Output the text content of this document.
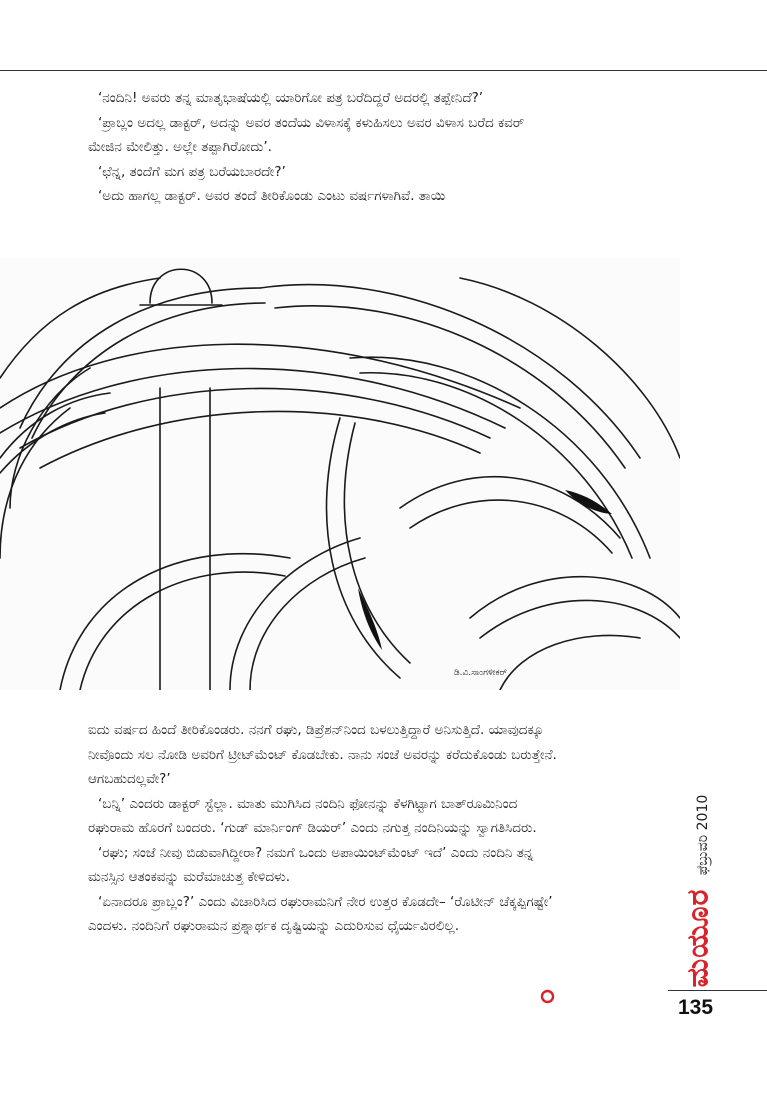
‘ನಂದಿನಿ! ಅವರು ತನ್ನ ಮಾತೃಭಾಷೆಯಲ್ಲಿ ಯಾರಿಗೋ ಪತ್ರ ಬರೆದಿದ್ದರೆ ಅದರಲ್ಲಿ ತಪ್ಪೇನಿದೆ?’
‘ಪ್ರಾಬ್ಲಂ ಅದಲ್ಲ ಡಾಕ್ಟರ್, ಅದನ್ನು ಅವರ ತಂದೆಯ ವಿಳಾಸಕ್ಕೆ ಕಳುಹಿಸಲು ಅವರ ವಿಳಾಸ ಬರೆದ ಕವರ್ ಮೇಜಿನ ಮೇಲಿತ್ತು. ಅಲ್ಲೇ ತಪ್ಪಾಗಿರೋದು’.
‘ಛೆನ್ನ, ತಂದೆಗೆ ಮಗ ಪತ್ರ ಬರೆಯಬಾರದೇ?’
‘ಅದು ಹಾಗಲ್ಲ ಡಾಕ್ಟರ್. ಅವರ ತಂದೆ ತೀರಿಕೊಂಡು ಎಂಟು ವರ್ಷಗಳಾಗಿವೆ. ತಾಯಿ
ಡಿ.ವಿ.ಸಾಂಗಳೀಕರ್
ಐದು ವರ್ಷದ ಹಿಂದೆ ತೀರಿಕೊಂಡರು. ನನಗೆ ರಘು, ಡಿಪ್ರೆಶನ್‌ನಿಂದ ಬಳಲುತ್ತಿದ್ದಾರೆ ಅನಿಸುತ್ತಿದೆ. ಯಾವುದಕ್ಕೂ ನೀವೊಂದು ಸಲ ನೋಡಿ ಅವರಿಗೆ ಟ್ರೀಟ್‌ಮೆಂಟ್ ಕೊಡಬೇಕು. ನಾನು ಸಂಜೆ ಅವರನ್ನು ಕರೆದುಕೊಂಡು ಬರುತ್ತೇನೆ. ಆಗಬಹುದಲ್ಲವೇ?’
‘ಬನ್ನಿ’ ಎಂದರು ಡಾಕ್ಟರ್ ಸ್ಟೆಲ್ಲಾ. ಮಾತು ಮುಗಿಸಿದ ನಂದಿನಿ ಫೋನನ್ನು ಕೆಳಗಿಟ್ಟಾಗ ಬಾತ್‌ರೂಮಿನಿಂದ ರಘುರಾಮ ಹೊರಗೆ ಬಂದರು. ‘ಗುಡ್ ಮಾರ್ನಿಂಗ್ ಡಿಯರ್’ ಎಂದು ನಗುತ್ತ ನಂದಿನಿಯನ್ನು ಸ್ವಾಗತಿಸಿದರು.
‘ರಘು; ಸಂಜೆ ನೀವು ಬಿಡುವಾಗಿದ್ದೀರಾ? ನಮಗೆ ಒಂದು ಅಪಾಯಿಂಟ್‌ಮೆಂಟ್ ಇದೆ’ ಎಂದು ನಂದಿನಿ ತನ್ನ ಮನಸ್ಸಿನ ಆತಂಕವನ್ನು ಮರೆಮಾಚುತ್ತ ಕೇಳಿದಳು.
‘ಏನಾದರೂ ಪ್ರಾಬ್ಲಂ?’ ಎಂದು ವಿಚಾರಿಸಿದ ರಘುರಾಮನಿಗೆ ನೇರ ಉತ್ತರ ಕೊಡದೇ– ‘ರೊಟೀನ್ ಚೆಕ್ಕಪ್ಪಿಗಷ್ಟೇ’ ಎಂದಳು. ನಂದಿನಿಗೆ ರಘುರಾಮನ ಪ್ರಶ್ನಾರ್ಥಕ ದೃಷ್ಟಿಯನ್ನು ಎದುರಿಸುವ ಧೈರ್ಯವಿರಲಿಲ್ಲ.
ಫೆಬ್ರುವರಿ 2010
ಮಯೂರ
135
